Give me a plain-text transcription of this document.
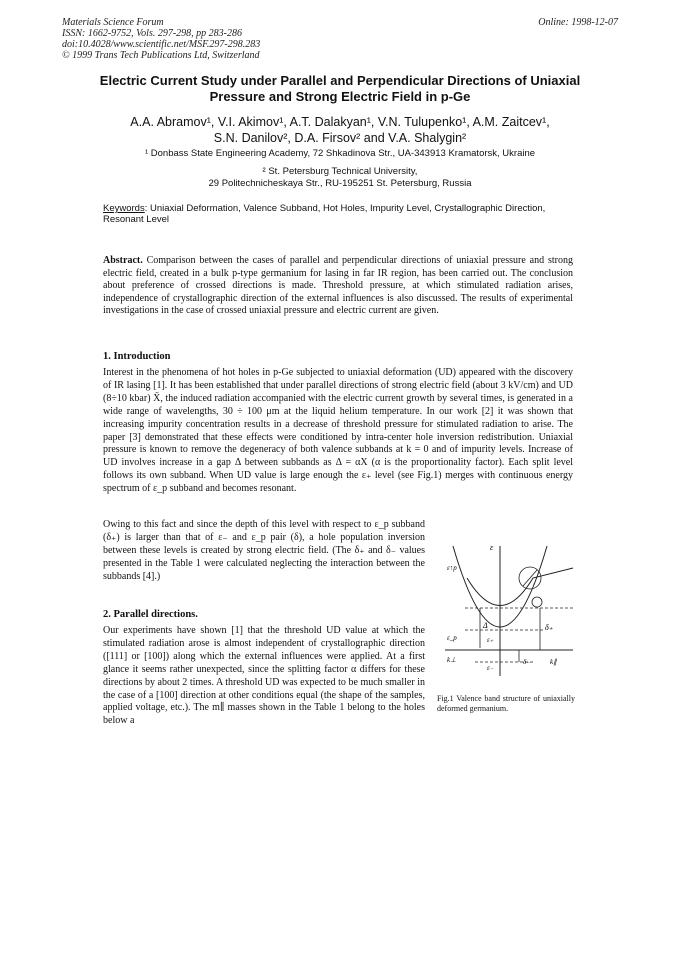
Materials Science Forum
ISSN: 1662-9752, Vols. 297-298, pp 283-286
doi:10.4028/www.scientific.net/MSF.297-298.283
© 1999 Trans Tech Publications Ltd, Switzerland
Online: 1998-12-07
Electric Current Study under Parallel and Perpendicular Directions of Uniaxial Pressure and Strong Electric Field in p-Ge
A.A. Abramov¹, V.I. Akimov¹, A.T. Dalakyan¹, V.N. Tulupenko¹, A.M. Zaitcev¹,
S.N. Danilov², D.A. Firsov² and V.A. Shalygin²
¹ Donbass State Engineering Academy, 72 Shkadinova Str., UA-343913 Kramatorsk, Ukraine
² St. Petersburg Technical University,
29 Politechnicheskaya Str., RU-195251 St. Petersburg, Russia
Keywords: Uniaxial Deformation, Valence Subband, Hot Holes, Impurity Level, Crystallographic Direction, Resonant Level
Abstract. Comparison between the cases of parallel and perpendicular directions of uniaxial pressure and strong electric field, created in a bulk p-type germanium for lasing in far IR region, has been carried out. The conclusion about preference of crossed directions is made. Threshold pressure, at which stimulated radiation arises, independence of crystallographic direction of the external influences is also discussed. The results of experimental investigations in the case of crossed uniaxial pressure and electric current are given.
1. Introduction
Interest in the phenomena of hot holes in p-Ge subjected to uniaxial deformation (UD) appeared with the discovery of IR lasing [1]. It has been established that under parallel directions of strong electric field (about 3 kV/cm) and UD (8÷10 kbar) X̄, the induced radiation accompanied with the electric current growth by several times, is generated in a wide range of wavelengths, 30 ÷ 100 μm at the liquid helium temperature. In our work [2] it was shown that increasing impurity concentration results in a decrease of threshold pressure for stimulated radiation to arise. The paper [3] demonstrated that these effects were conditioned by intra-center hole inversion redistribution. Uniaxial pressure is known to remove the degeneracy of both valence subbands at k = 0 and of impurity levels. Increase of UD involves increase in a gap Δ between subbands as Δ = αX (α is the proportionality factor). Each split level follows its own subband. When UD value is large enough the ε₊ level (see Fig.1) merges with continuous energy spectrum of ε_p subband and becomes resonant.
Owing to this fact and since the depth of this level with respect to ε_p subband (δ₊) is larger than that of ε₋ and ε_p pair (δ), a hole population inversion between these levels is created by strong electric field. (The δ₊ and δ₋ values presented in the Table 1 were calculated neglecting the interaction between the subbands [4].)
2. Parallel directions.
Our experiments have shown [1] that the threshold UD value at which the stimulated radiation arose is almost independent of crystallographic direction ([111] or [100]) along which the external influences were applied. At a first glance it seems rather unexpected, since the splitting factor α differs for these directions by about 2 times. A threshold UD was expected to be much smaller in the case of a [100] direction at other conditions equal (the shape of the samples, applied voltage, etc.). The m∥ masses shown in the Table 1 belong to the holes below a
ε
ε↑p
Δ
ε_p	ε₊
ε₋
δ₊
δ₋
k⊥	k∥
Fig.1 Valence band structure of uniaxially deformed germanium.
